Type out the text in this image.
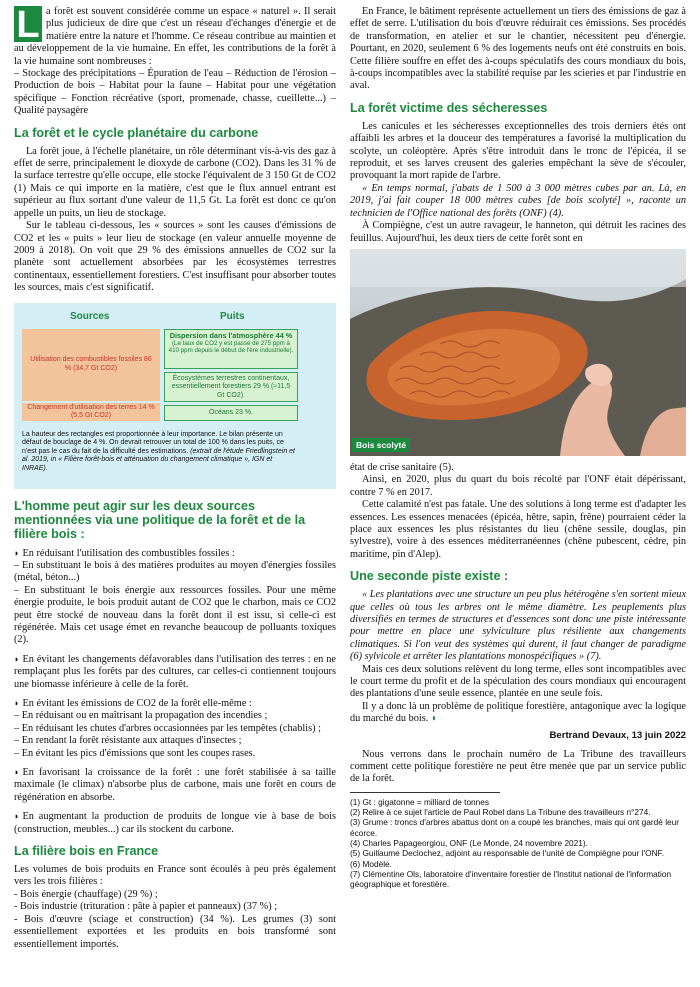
L a forêt est souvent considérée comme un espace « naturel ». Il serait plus judicieux de dire que c'est un réseau d'échanges d'énergie et de matière entre la nature et l'homme. Ce réseau contribue au maintien et au développement de la vie humaine. En effet, les contributions de la forêt à la vie humaine sont nombreuses :

– Stockage des précipitations – Épuration de l'eau – Réduction de l'érosion – Production de bois – Habitat pour la faune – Habitat pour une végétation spécifique – Fonction récréative (sport, promenade, chasse, cueillette...) – Qualité paysagère

La forêt et le cycle planétaire du carbone

La forêt joue, à l'échelle planétaire, un rôle déterminant vis-à-vis des gaz à effet de serre, principalement le dioxyde de carbone (CO2). Dans les 31 % de la surface terrestre qu'elle occupe, elle stocke l'équivalent de 3 150 Gt de CO2 (1) Mais ce qui importe en la matière, c'est que le flux annuel entrant est supérieur au flux sortant d'une valeur de 11,5 Gt. La forêt est donc ce qu'on appelle un puits, un lieu de stockage.

Sur le tableau ci-dessous, les « sources » sont les causes d'émissions de CO2 et les « puits » leur lieu de stockage (en valeur annuelle moyenne de 2009 à 2018). On voit que 29 % des émissions annuelles de CO2 sur la planète sont actuellement absorbées par les écosystèmes terrestres continentaux, essentiellement forestiers. C'est insuffisant pour absorber toutes les sources, mais c'est significatif.

Sources	Puits
Utilisation des combustibles fossiles 86 % (34,7 Gt CO2)
Changement d'utilisation des terres 14 % (5,5 Gt CO2)
Dispersion dans l'atmosphère 44 %
(Le taux de CO2 y est passé de 275 ppm à 410 ppm depuis le début de l'ère industrielle).
Écosystèmes terrestres continentaux, essentiellement forestiers 29 % (≈11,5 Gt CO2).
Océans 23 %.
La hauteur des rectangles est proportionnée à leur importance. Le bilan présente un défaut de bouclage de 4 %. On devrait retrouver un total de 100 % dans les puits, ce n'est pas le cas du fait de la difficulté des estimations. (extrait de l'étude Friedlingstein et al. 2019, in « Filière forêt-bois et atténuation du changement climatique », IGN et INRAE).
L'homme peut agir sur les deux sources mentionnées via une politique de la forêt et de la filière bois :

◗ En réduisant l'utilisation des combustibles fossiles :

– En substituant le bois à des matières produites au moyen d'énergies fossiles (métal, béton...)

– En substituant le bois énergie aux ressources fossiles. Pour une même énergie produite, le bois produit autant de CO2 que le charbon, mais ce CO2 peut être stocké de nouveau dans la forêt dont il est issu, si celle-ci est régénérée. Mais cet usage émet en revanche beaucoup de polluants toxiques (2).

◗ En évitant les changements défavorables dans l'utilisation des terres : en ne remplaçant plus les forêts par des cultures, car celles-ci contiennent toujours une biomasse inférieure à celle de la forêt.

◗ En évitant les émissions de CO2 de la forêt elle-même :

– En réduisant ou en maîtrisant la propagation des incendies ;

– En réduisant les chutes d'arbres occasionnées par les tempêtes (chablis) ;

– En rendant la forêt résistante aux attaques d'insectes ;

– En évitant les pics d'émissions que sont les coupes rases.

◗ En favorisant la croissance de la forêt : une forêt stabilisée à sa taille maximale (le climax) n'absorbe plus de carbone, mais une forêt en cours de régénération en absorbe.

◗ En augmentant la production de produits de longue vie à base de bois (construction, meubles...) car ils stockent du carbone.

La filière bois en France

Les volumes de bois produits en France sont écoulés à peu près également vers les trois filières :

- Bois énergie (chauffage) (29 %) ;

- Bois industrie (trituration : pâte à papier et panneaux) (37 %) ;

- Bois d'œuvre (sciage et construction) (34 %). Les grumes (3) sont essentiellement exportées et les produits en bois transformé sont essentiellement importés.

En France, le bâtiment représente actuellement un tiers des émissions de gaz à effet de serre. L'utilisation du bois d'œuvre réduirait ces émissions. Ses procédés de transformation, en atelier et sur le chantier, nécessitent peu d'énergie. Pourtant, en 2020, seulement 6 % des logements neufs ont été construits en bois. Cette filière souffre en effet des à-coups spéculatifs des cours mondiaux du bois, à-coups incompatibles avec la stabilité requise par les scieries et par l'industrie en aval.

La forêt victime des sécheresses

Les canicules et les sécheresses exceptionnelles des trois derniers étés ont affaibli les arbres et la douceur des températures a favorisé la multiplication du scolyte, un coléoptère. Après s'être introduit dans le tronc de l'épicéa, il se reproduit, et ses larves creusent des galeries empêchant la sève de s'écouler, provoquant la mort rapide de l'arbre.

« En temps normal, j'abats de 1 500 à 3 000 mètres cubes par an. Là, en 2019, j'ai fait couper 18 000 mètres cubes [de bois scolyté] », raconte un technicien de l'Office national des forêts (ONF) (4).

À Compiègne, c'est un autre ravageur, le hanneton, qui détruit les racines des feuillus. Aujourd'hui, les deux tiers de cette forêt sont en

Bois scolyté

état de crise sanitaire (5).

Ainsi, en 2020, plus du quart du bois récolté par l'ONF était dépérissant, contre 7 % en 2017.

Cette calamité n'est pas fatale. Une des solutions à long terme est d'adapter les essences. Les essences menacées (épicéa, hêtre, sapin, frêne) pourraient céder la place aux essences les plus résistantes du lieu (chêne sessile, douglas, pin sylvestre), voire à des essences méditerranéennes (chêne pubescent, cèdre, pin maritime, pin d'Alep).

Une seconde piste existe :

« Les plantations avec une structure un peu plus hétérogène s'en sortent mieux que celles où tous les arbres ont le même diamètre. Les peuplements plus diversifiés en termes de structures et d'essences sont donc une piste intéressante pour mettre en place une sylviculture plus résiliente aux changements climatiques. Si l'on veut des systèmes qui durent, il faut changer de paradigme (6) sylvicole et arrêter les plantations monospécifiques » (7).

Mais ces deux solutions relèvent du long terme, elles sont incompatibles avec le court terme du profit et de la spéculation des cours mondiaux qui encouragent des plantations d'une seule essence, plantée en une seule fois.

Il y a donc là un problème de politique forestière, antagonique avec la logique du marché du bois. ◗

Bertrand Devaux, 13 juin 2022

Nous verrons dans le prochain numéro de La Tribune des travailleurs comment cette politique forestière ne peut être menée que par un service public de la forêt.

(1) Gt : gigatonne = milliard de tonnes

(2) Relire à ce sujet l'article de Paul Robel dans La Tribune des travailleurs n°274.

(3) Grume : troncs d'arbres abattus dont on a coupé les branches, mais qui ont gardé leur écorce.

(4) Charles Papageorgiou, ONF (Le Monde, 24 novembre 2021).

(5) Guillaume Declochez, adjoint au responsable de l'unité de Compiègne pour l'ONF.

(6) Modèle.

(7) Clémentine Ols, laboratoire d'inventaire forestier de l'Institut national de l'information géographique et forestière.
